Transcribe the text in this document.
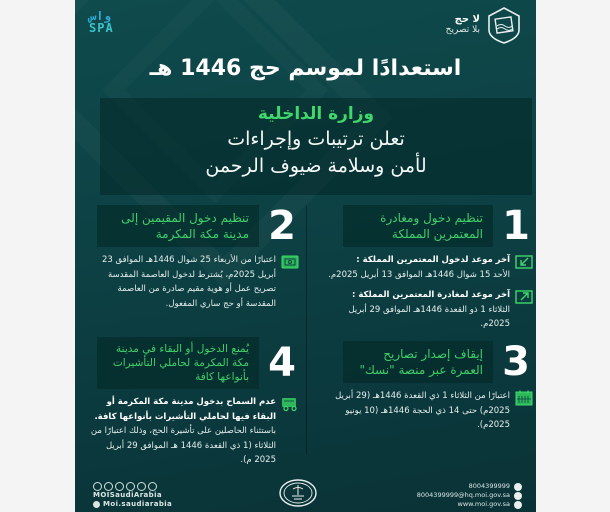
واس
SPA
لا حج
بلا تصريح
استعدادًا لموسم حج 1446 هـ
وزارة الداخلية
تعلن ترتيبات وإجراءات
لأمن وسلامة ضيوف الرحمن
1
تنظيم دخول ومغادرة المعتمرين المملكة
آخر موعد لدخول المعتمرين المملكة :
الأحد 15 شوال 1446هـ الموافق 13 أبريل 2025م.
آخر موعد لمغادرة المعتمرين المملكة :
الثلاثاء 1 ذو القعدة 1446هـ الموافق 29 أبريل 2025م.
2
تنظيم دخول المقيمين إلى مدينة مكة المكرمة
اعتبارًا من الأربعاء 25 شوال 1446هـ الموافق 23 أبريل 2025م، يُشترط لدخول العاصمة المقدسة تصريح عمل أو هوية مقيم صادرة من العاصمة المقدسة أو حج ساري المفعول.
3
إيقاف إصدار تصاريح العمرة عبر منصة "نسك"
اعتبارًا من الثلاثاء 1 ذي القعدة 1446هـ (29 أبريل 2025م) حتى 14 ذي الحجة 1446هـ (10 يونيو 2025م).
4
يُمنع الدخول أو البقاء في مدينة مكة المكرمة لحاملي التأشيرات بأنواعها كافة
عدم السماح بدخول مدينة مكة المكرمة أو البقاء فيها لحاملي التأشيرات بأنواعها كافة.
باستثناء الحاصلين على تأشيرة الحج، وذلك اعتبارًا من الثلاثاء (1 ذي القعدة 1446 هـ الموافق 29 أبريل 2025 م).
MOISaudiArabia
Moi.saudiarabia
8004399999
8004399999@hq.moi.gov.sa
www.moi.gov.sa
